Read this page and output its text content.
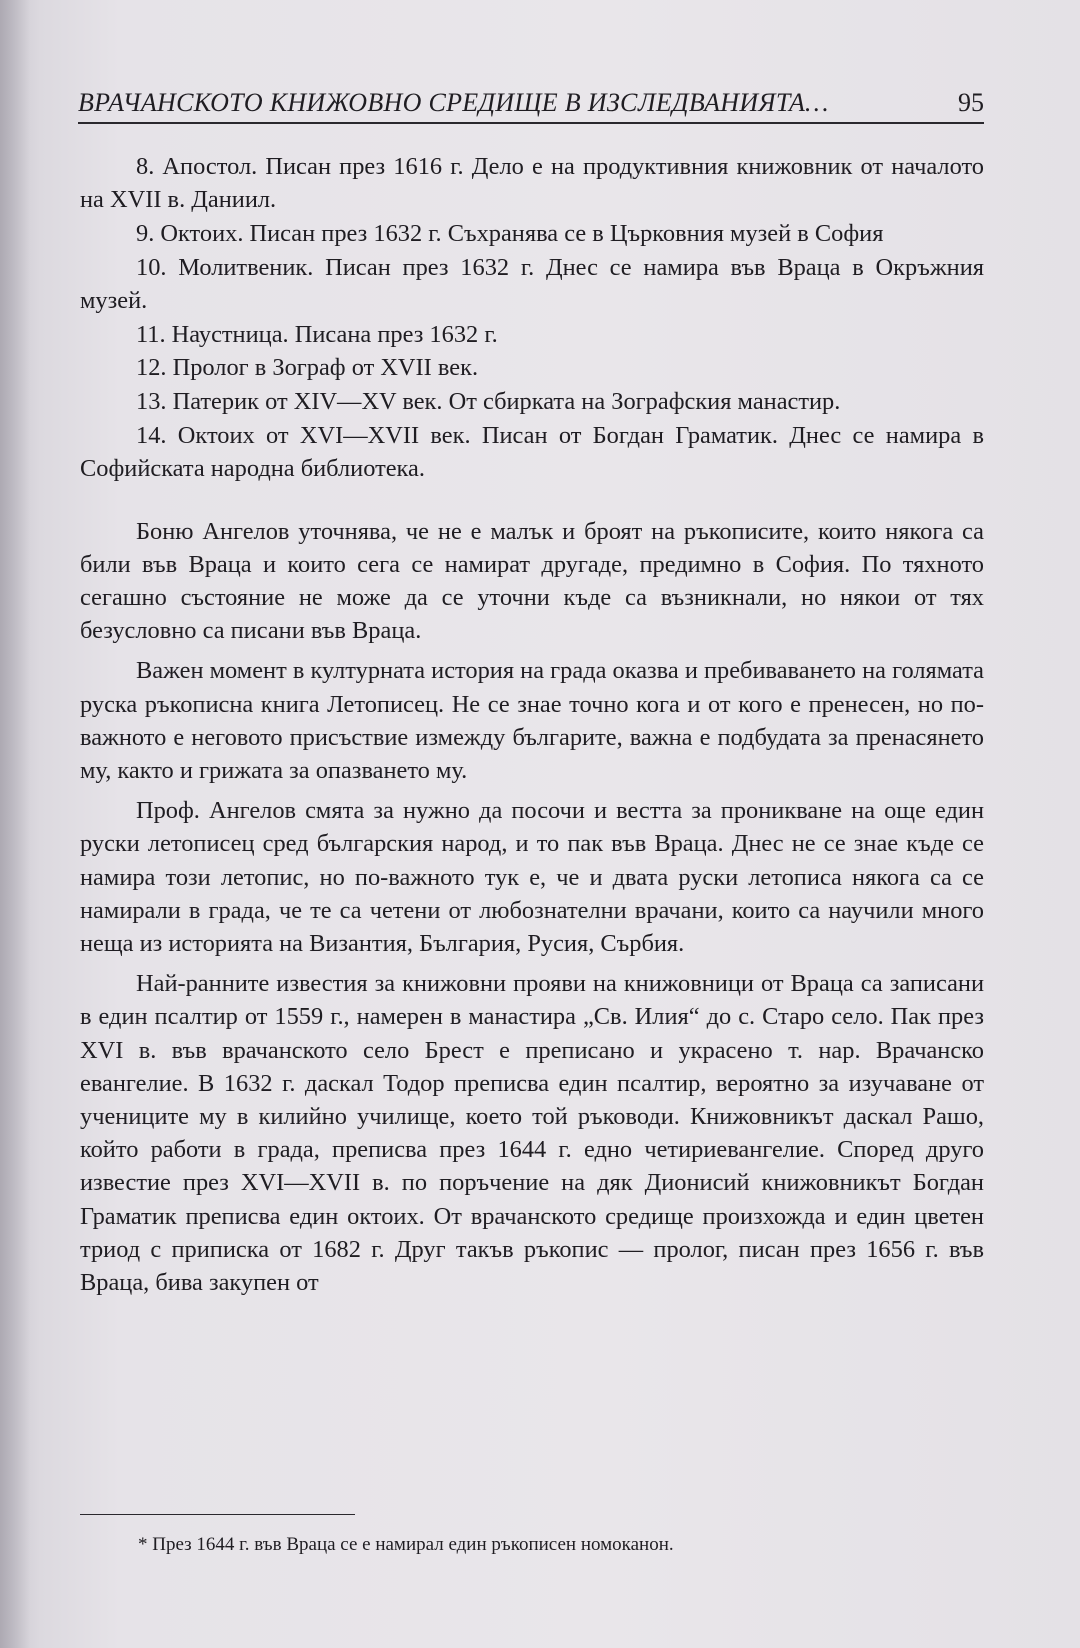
ВРАЧАНСКОТО КНИЖОВНО СРЕДИЩЕ В ИЗСЛЕДВАНИЯТА…	95

8. Апостол. Писан през 1616 г. Дело е на продуктивния книжовник от началото на XVII в. Даниил.

9. Октоих. Писан през 1632 г. Съхранява се в Църковния музей в София

10. Молитвеник. Писан през 1632 г. Днес се намира във Враца в Окръжния музей.

11. Наустница. Писана през 1632 г.

12. Пролог в Зограф от XVII век.

13. Патерик от XIV—XV век. От сбирката на Зографския манастир.

14. Октоих от XVI—XVII век. Писан от Богдан Граматик. Днес се намира в Софийската народна библиотека.

Боню Ангелов уточнява, че не е малък и броят на ръкописите, които някога са били във Враца и които сега се намират другаде, предимно в София. По тяхното сегашно състояние не може да се уточни къде са възникнали, но някои от тях безусловно са писани във Враца.

Важен момент в културната история на града оказва и пребиваването на голямата руска ръкописна книга Летописец. Не се знае точно кога и от кого е пренесен, но по-важното е неговото присъствие измежду българите, важна е подбудата за пренасянето му, както и грижата за опазването му.

Проф. Ангелов смята за нужно да посочи и вестта за проникване на още един руски летописец сред българския народ, и то пак във Враца. Днес не се знае къде се намира този летопис, но по-важното тук е, че и двата руски летописа някога са се намирали в града, че те са четени от любознателни врачани, които са научили много неща из историята на Византия, България, Русия, Сърбия.

Най-ранните известия за книжовни прояви на книжовници от Враца са записани в един псалтир от 1559 г., намерен в манастира „Св. Илия“ до с. Старо село. Пак през XVI в. във врачанското село Брест е преписано и украсено т. нар. Врачанско евангелие. В 1632 г. даскал Тодор преписва един псалтир, вероятно за изучаване от учениците му в килийно училище, което той ръководи. Книжовникът даскал Рашо, който работи в града, преписва през 1644 г. едно четириевангелие. Според друго известие през XVI—XVII в. по поръчение на дяк Дионисий книжовникът Богдан Граматик преписва един октоих. От врачанското средище произхожда и един цветен триод с приписка от 1682 г. Друг такъв ръкопис — пролог, писан през 1656 г. във Враца, бива закупен от

* През 1644 г. във Враца се е намирал един ръкописен номоканон.
